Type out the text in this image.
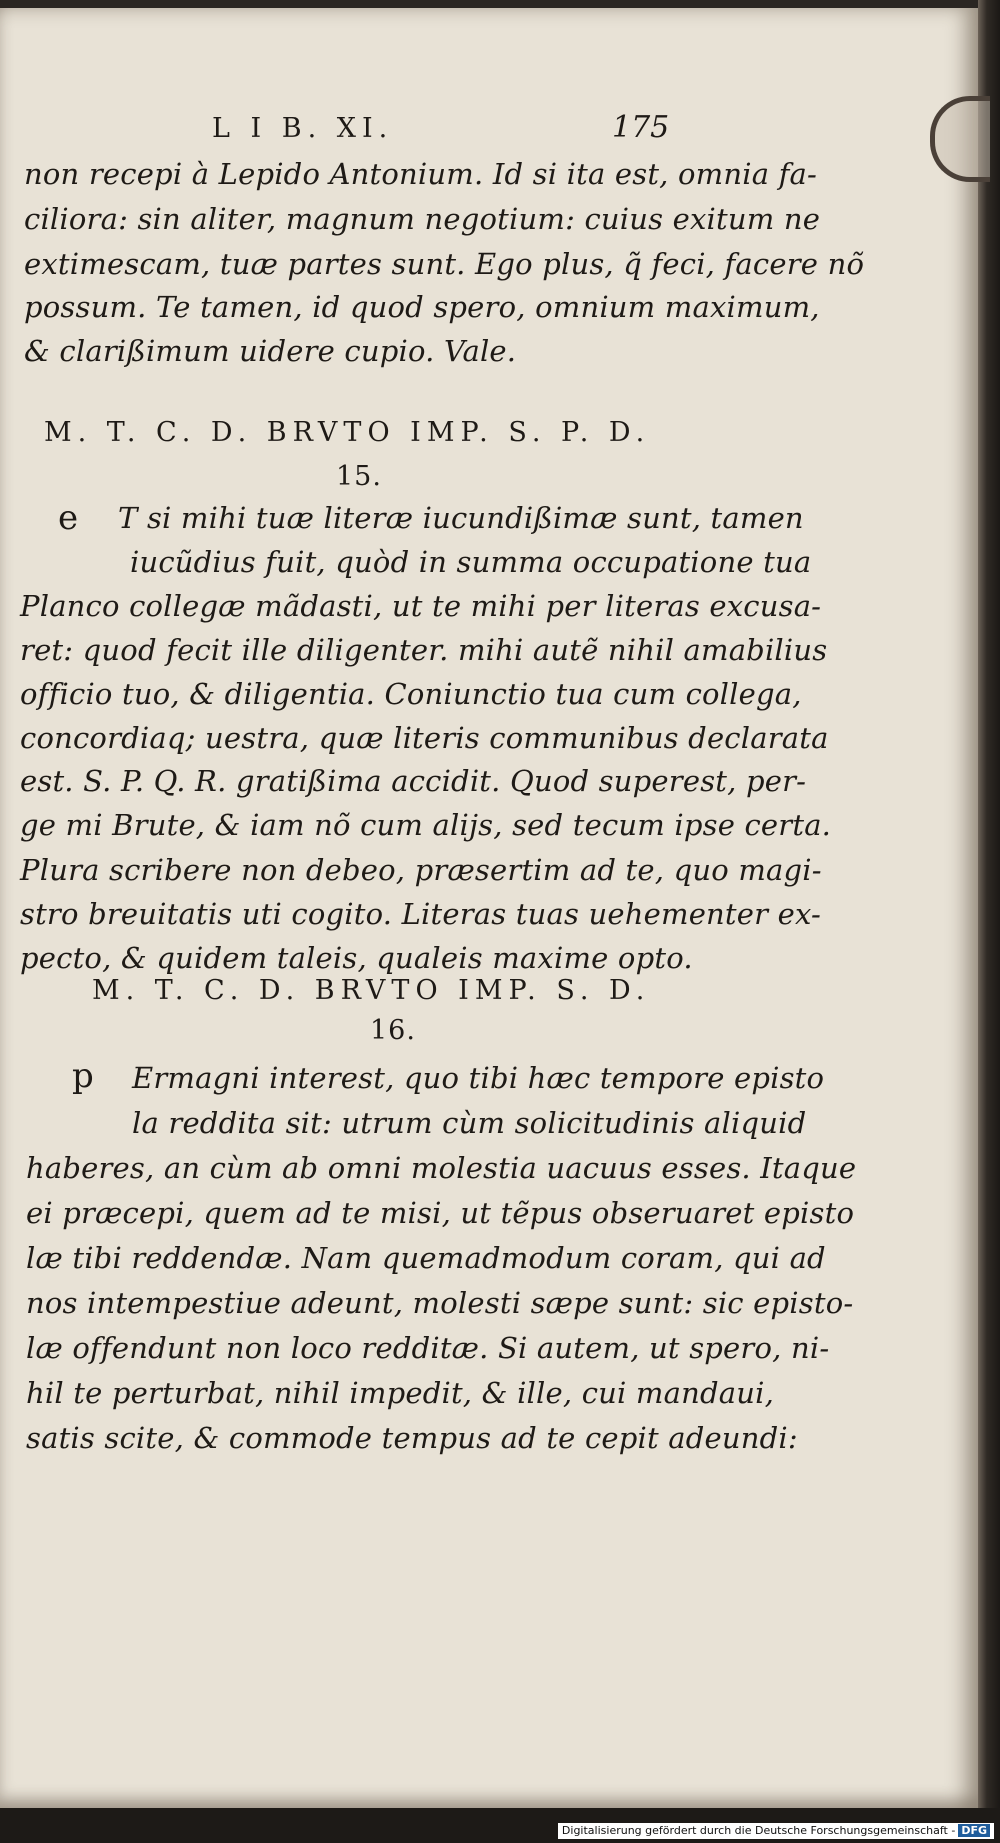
L I B. XI.	175
non recepi à Lepido Antonium. Id si ita est, omnia fa-
ciliora: sin aliter, magnum negotium: cuius exitum ne
extimescam, tuæ partes sunt. Ego plus, q̃ feci, facere nõ
possum. Te tamen, id quod spero, omnium maximum,
& clarißimum uidere cupio. Vale.
M. T. C. D. BRVTO IMP. S. P. D.
15.
e T si mihi tuæ literæ iucundißimæ sunt, tamen
iucũdius fuit, quòd in summa occupatione tua
Planco collegæ mãdasti, ut te mihi per literas excusa-
ret: quod fecit ille diligenter. mihi autẽ nihil amabilius
officio tuo, & diligentia. Coniunctio tua cum collega,
concordiaq; uestra, quæ literis communibus declarata
est. S. P. Q. R. gratißima accidit. Quod superest, per-
ge mi Brute, & iam nõ cum alijs, sed tecum ipse certa.
Plura scribere non debeo, præsertim ad te, quo magi-
stro breuitatis uti cogito. Literas tuas uehementer ex-
pecto, & quidem taleis, qualeis maxime opto.
M. T. C. D. BRVTO IMP. S. D.
16.
p Ermagni interest, quo tibi hæc tempore episto
la reddita sit: utrum cùm solicitudinis aliquid
haberes, an cùm ab omni molestia uacuus esses. Itaque
ei præcepi, quem ad te misi, ut tẽpus obseruaret episto
læ tibi reddendæ. Nam quemadmodum coram, qui ad
nos intempestiue adeunt, molesti sæpe sunt: sic episto-
læ offendunt non loco redditæ. Si autem, ut spero, ni-
hil te perturbat, nihil impedit, & ille, cui mandaui,
satis scite, & commode tempus ad te cepit adeundi:
Digitalisierung gefördert durch die Deutsche Forschungsgemeinschaft - DFG
